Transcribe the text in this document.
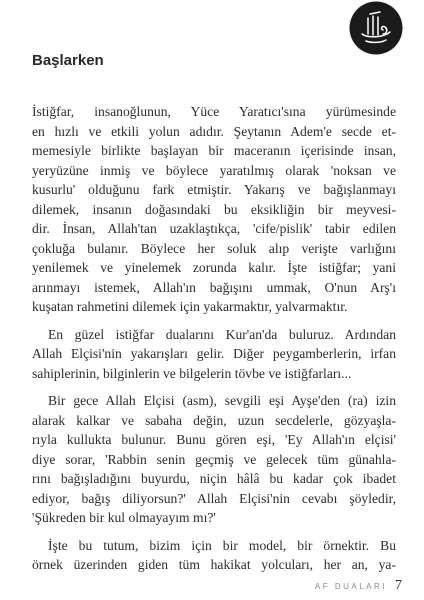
Başlarken

İstiğfar, insanoğlunun, Yüce Yaratıcı'sına yürümesinde
en hızlı ve etkili yolun adıdır. Şeytanın Adem'e secde et-
memesiyle birlikte başlayan bir maceranın içerisinde insan,
yeryüzüne inmiş ve böylece yaratılmış olarak 'noksan ve
kusurlu' olduğunu fark etmiştir. Yakarış ve bağışlanmayı
dilemek, insanın doğasındaki bu eksikliğin bir meyvesi-
dir. İnsan, Allah'tan uzaklaştıkça, 'cife/pislik' tabir edilen
çokluğa bulanır. Böylece her soluk alıp verişte varlığını
yenilemek ve yinelemek zorunda kalır. İşte istiğfar; yani
arınmayı istemek, Allah'ın bağışını ummak, O'nun Arş'ı
kuşatan rahmetini dilemek için yakarmaktır, yalvarmaktır.

En güzel istiğfar dualarını Kur'an'da buluruz. Ardından
Allah Elçisi'nin yakarışları gelir. Diğer peygamberlerin, irfan
sahiplerinin, bilginlerin ve bilgelerin tövbe ve istiğfarları...

Bir gece Allah Elçisi (asm), sevgili eşi Ayşe'den (ra) izin
alarak kalkar ve sabaha değin, uzun secdelerle, gözyaşla-
rıyla kullukta bulunur. Bunu gören eşi, 'Ey Allah'ın elçisi'
diye sorar, 'Rabbin senin geçmiş ve gelecek tüm günahla-
rını bağışladığını buyurdu, niçin hâlâ bu kadar çok ibadet
ediyor, bağış diliyorsun?' Allah Elçisi'nin cevabı şöyledir,
'Şükreden bir kul olmayayım mı?'

İşte bu tutum, bizim için bir model, bir örnektir. Bu
örnek üzerinden giden tüm hakikat yolcuları, her an, ya-

AF DUALARI 7
